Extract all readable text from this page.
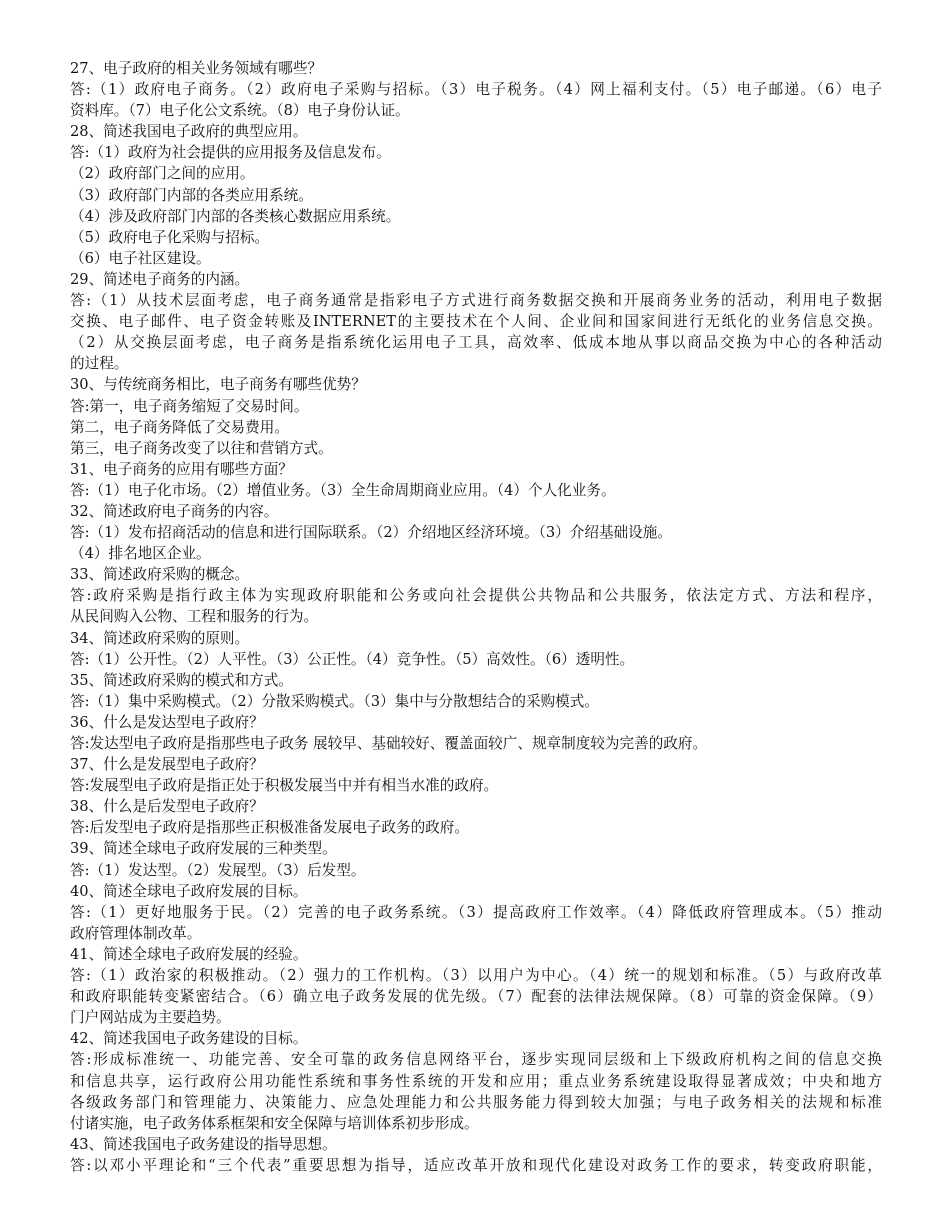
27、电子政府的相关业务领域有哪些？
答:（1）政府电子商务。（2）政府电子采购与招标。（3）电子税务。（4）网上福利支付。（5）电子邮递。（6）电子
资料库。（7）电子化公文系统。（8）电子身份认证。
28、简述我国电子政府的典型应用。
答:（1）政府为社会提供的应用报务及信息发布。
（2）政府部门之间的应用。
（3）政府部门内部的各类应用系统。
（4）涉及政府部门内部的各类核心数据应用系统。
（5）政府电子化采购与招标。
（6）电子社区建设。
29、简述电子商务的内涵。
答:（1）从技术层面考虑，电子商务通常是指彩电子方式进行商务数据交换和开展商务业务的活动，利用电子数据
交换、电子邮件、电子资金转账及INTERNET的主要技术在个人间、企业间和国家间进行无纸化的业务信息交换。
（2）从交换层面考虑，电子商务是指系统化运用电子工具，高效率、低成本地从事以商品交换为中心的各种活动
的过程。
30、与传统商务相比，电子商务有哪些优势？
答:第一，电子商务缩短了交易时间。
第二，电子商务降低了交易费用。
第三，电子商务改变了以往和营销方式。
31、电子商务的应用有哪些方面？
答:（1）电子化市场。（2）增值业务。（3）全生命周期商业应用。（4）个人化业务。
32、简述政府电子商务的内容。
答:（1）发布招商活动的信息和进行国际联系。（2）介绍地区经济环境。（3）介绍基础设施。
（4）排名地区企业。
33、简述政府采购的概念。
答:政府采购是指行政主体为实现政府职能和公务或向社会提供公共物品和公共服务，依法定方式、方法和程序，
从民间购入公物、工程和服务的行为。
34、简述政府采购的原则。
答:（1）公开性。（2）人平性。（3）公正性。（4）竞争性。（5）高效性。（6）透明性。
35、简述政府采购的模式和方式。
答:（1）集中采购模式。（2）分散采购模式。（3）集中与分散想结合的采购模式。
36、什么是发达型电子政府？
答:发达型电子政府是指那些电子政务 展较早、基础较好、覆盖面较广、规章制度较为完善的政府。
37、什么是发展型电子政府？
答:发展型电子政府是指正处于积极发展当中并有相当水准的政府。
38、什么是后发型电子政府？
答:后发型电子政府是指那些正积极准备发展电子政务的政府。
39、简述全球电子政府发展的三种类型。
答:（1）发达型。（2）发展型。（3）后发型。
40、简述全球电子政府发展的目标。
答:（1）更好地服务于民。（2）完善的电子政务系统。（3）提高政府工作效率。（4）降低政府管理成本。（5）推动
政府管理体制改革。
41、简述全球电子政府发展的经验。
答:（1）政治家的积极推动。（2）强力的工作机构。（3）以用户为中心。（4）统一的规划和标准。（5）与政府改革
和政府职能转变紧密结合。（6）确立电子政务发展的优先级。（7）配套的法律法规保障。（8）可靠的资金保障。（9）
门户网站成为主要趋势。
42、简述我国电子政务建设的目标。
答:形成标准统一、功能完善、安全可靠的政务信息网络平台，逐步实现同层级和上下级政府机构之间的信息交换
和信息共享，运行政府公用功能性系统和事务性系统的开发和应用；重点业务系统建设取得显著成效；中央和地方
各级政务部门和管理能力、决策能力、应急处理能力和公共服务能力得到较大加强；与电子政务相关的法规和标准
付诸实施，电子政务体系框架和安全保障与培训体系初步形成。
43、简述我国电子政务建设的指导思想。
答:以邓小平理论和“三个代表”重要思想为指导，适应改革开放和现代化建设对政务工作的要求，转变政府职能，
